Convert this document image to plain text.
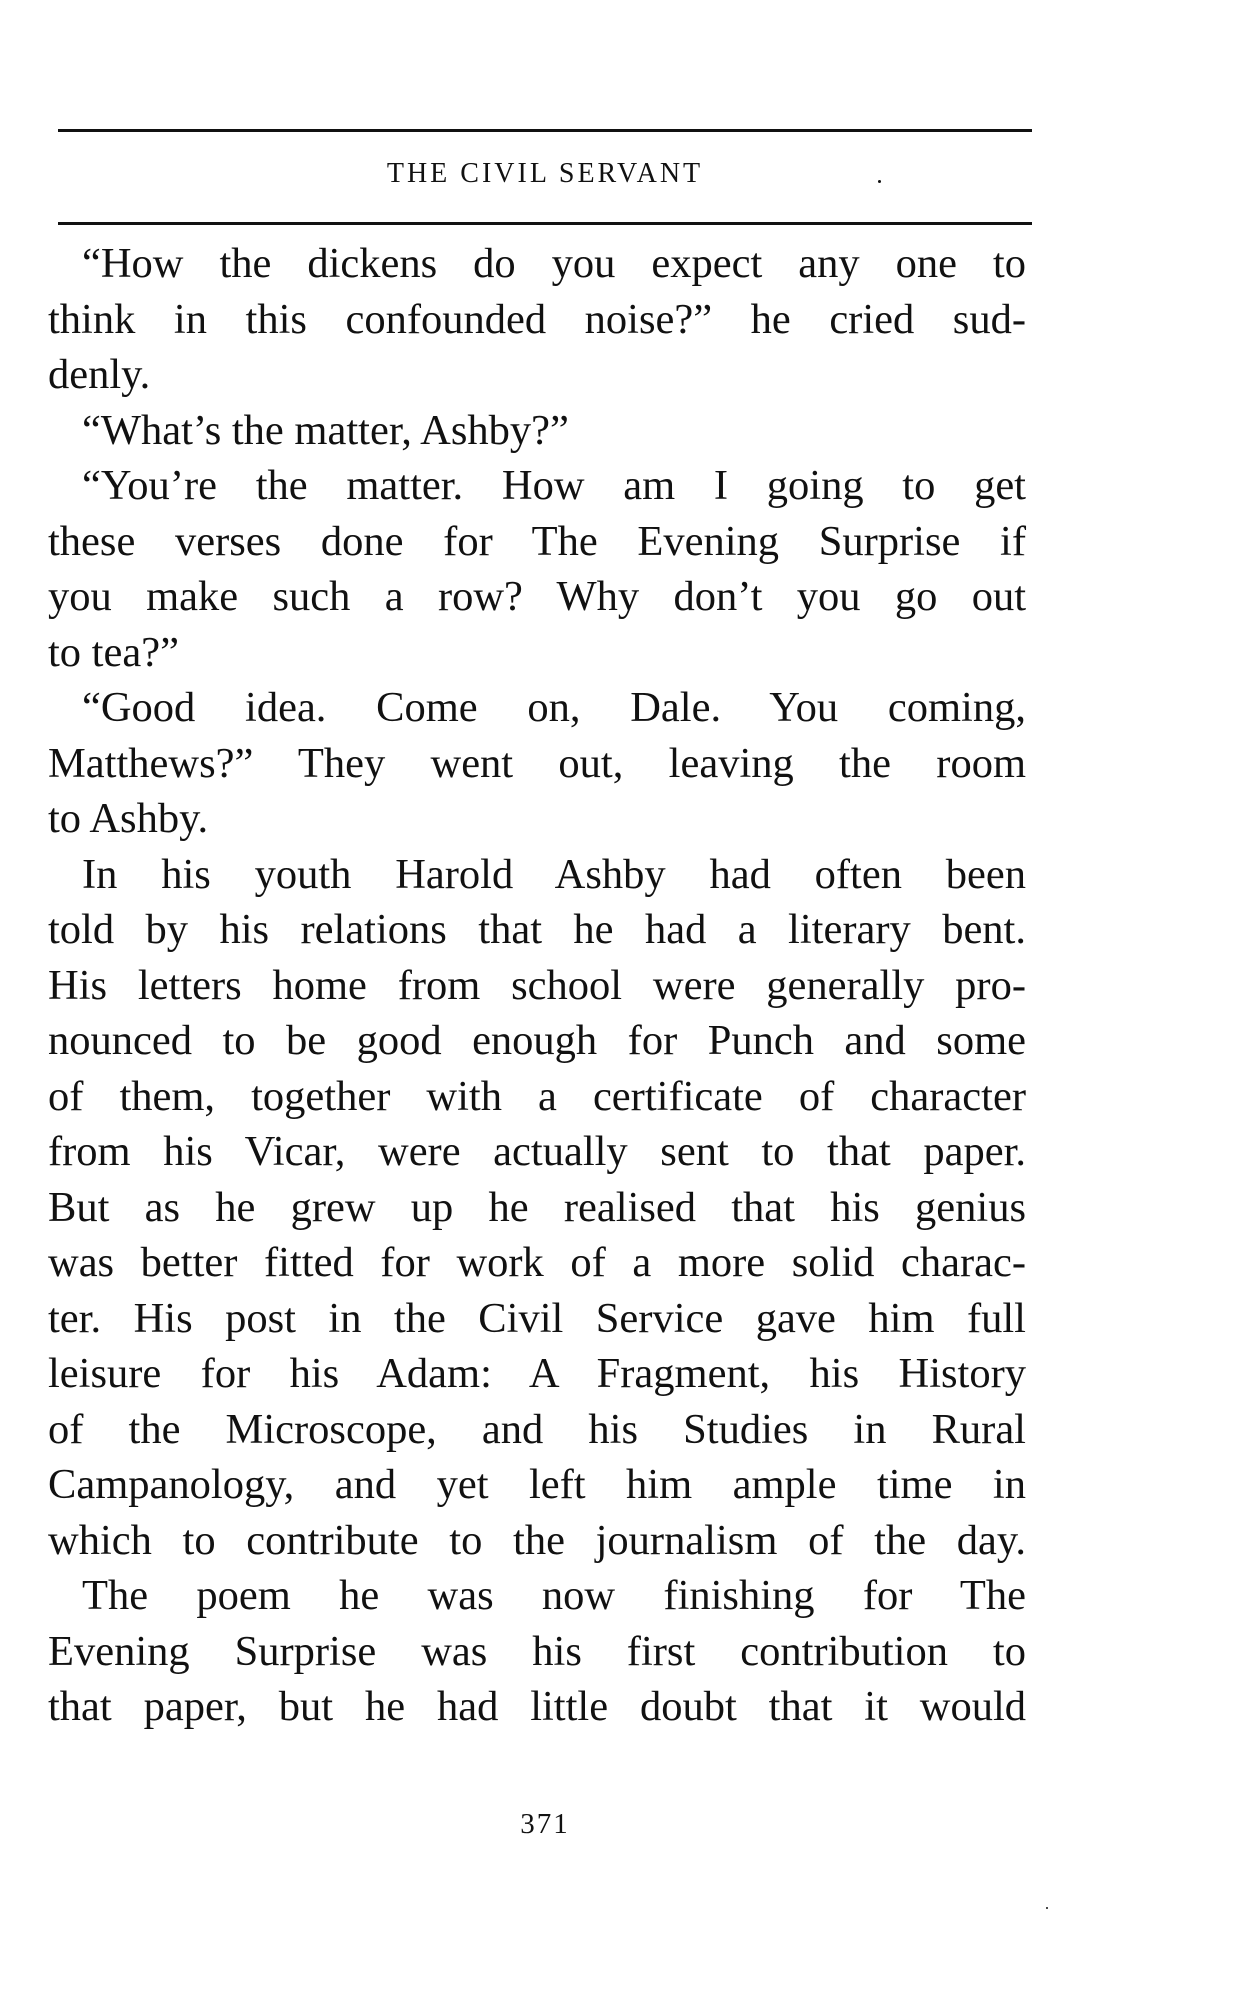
THE CIVIL SERVANT
“How the dickens do you expect any one to
think in this confounded noise?” he cried sud-
denly.
“What’s the matter, Ashby?”
“You’re the matter. How am I going to get
these verses done for The Evening Surprise if
you make such a row? Why don’t you go out
to tea?”
“Good idea. Come on, Dale. You coming,
Matthews?” They went out, leaving the room
to Ashby.
In his youth Harold Ashby had often been
told by his relations that he had a literary bent.
His letters home from school were generally pro-
nounced to be good enough for Punch and some
of them, together with a certificate of character
from his Vicar, were actually sent to that paper.
But as he grew up he realised that his genius
was better fitted for work of a more solid charac-
ter. His post in the Civil Service gave him full
leisure for his Adam: A Fragment, his History
of the Microscope, and his Studies in Rural
Campanology, and yet left him ample time in
which to contribute to the journalism of the day.
The poem he was now finishing for The
Evening Surprise was his first contribution to
that paper, but he had little doubt that it would
371
